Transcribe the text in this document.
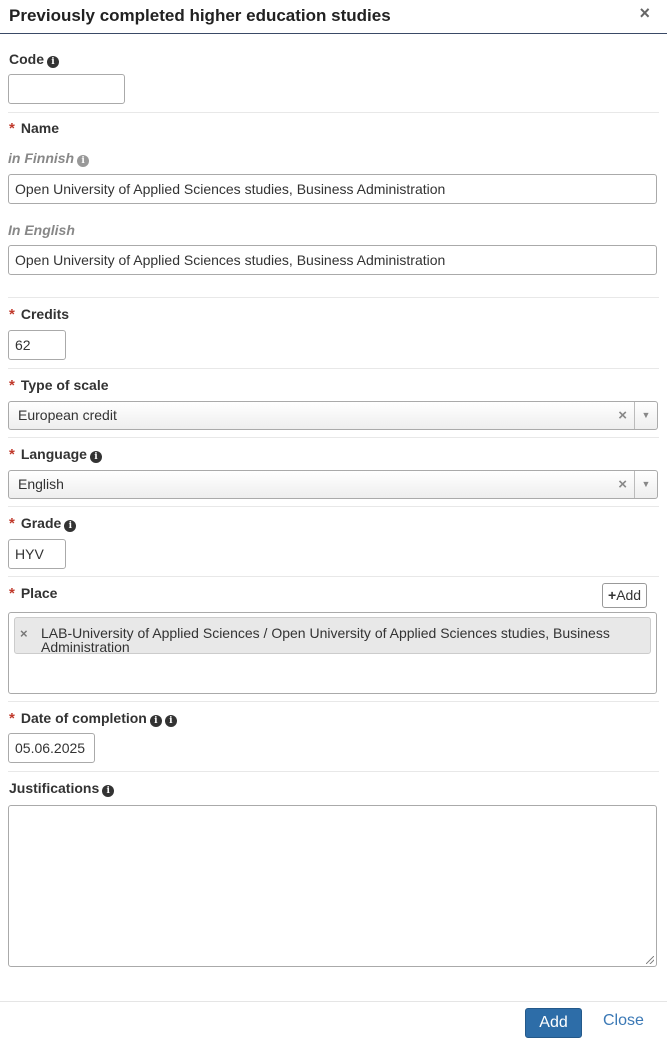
Previously completed higher education studies	×
Code i
* Name
in Finnish i
Open University of Applied Sciences studies, Business Administration
In English
Open University of Applied Sciences studies, Business Administration
* Credits
62
* Type of scale
European credit	×	▼
* Language i
English	×	▼
* Grade i
HYV
* Place	+Add
× LAB-University of Applied Sciences / Open University of Applied Sciences studies, Business Administration
* Date of completion i i
05.06.2025
Justifications i
Add	Close
